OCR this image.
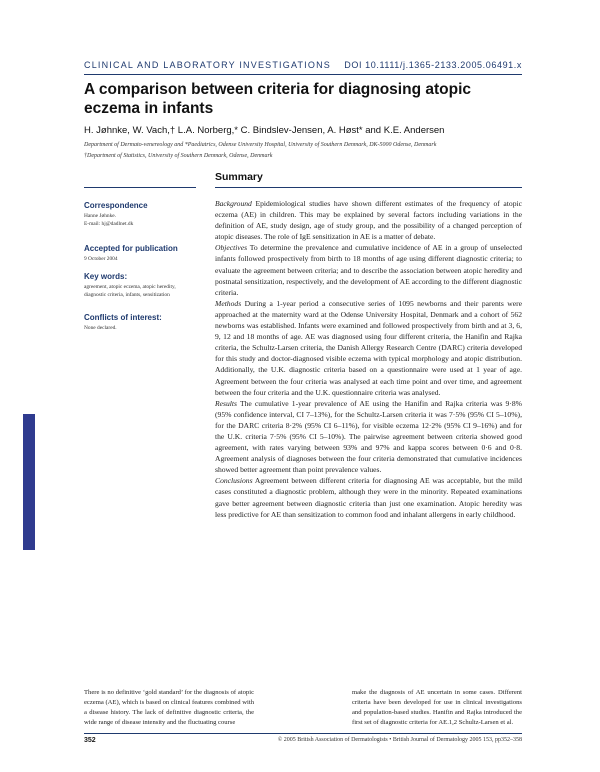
CLINICAL AND LABORATORY INVESTIGATIONS DOI 10.1111/j.1365-2133.2005.06491.x
A comparison between criteria for diagnosing atopic eczema in infants
H. Jøhnke, W. Vach,† L.A. Norberg,* C. Bindslev-Jensen, A. Høst* and K.E. Andersen
Department of Dermato-venereology and *Paediatrics, Odense University Hospital, University of Southern Denmark, DK-5000 Odense, Denmark
†Department of Statistics, University of Southern Denmark, Odense, Denmark
Summary
Correspondence
Hanne Jøhnke.
E-mail: hj@dadlnet.dk
Accepted for publication
9 October 2004
Key words:
agreement, atopic eczema, atopic heredity, diagnostic criteria, infants, sensitization
Conflicts of interest:
None declared.

Background Epidemiological studies have shown different estimates of the frequency of atopic eczema (AE) in children. This may be explained by several factors including variations in the definition of AE, study design, age of study group, and the possibility of a changed perception of atopic diseases. The role of IgE sensitization in AE is a matter of debate.

Objectives To determine the prevalence and cumulative incidence of AE in a group of unselected infants followed prospectively from birth to 18 months of age using different diagnostic criteria; to evaluate the agreement between criteria; and to describe the association between atopic heredity and postnatal sensitization, respectively, and the development of AE according to the different diagnostic criteria.

Methods During a 1-year period a consecutive series of 1095 newborns and their parents were approached at the maternity ward at the Odense University Hospital, Denmark and a cohort of 562 newborns was established. Infants were examined and followed prospectively from birth and at 3, 6, 9, 12 and 18 months of age. AE was diagnosed using four different criteria, the Hanifin and Rajka criteria, the Schultz-Larsen criteria, the Danish Allergy Research Centre (DARC) criteria developed for this study and doctor-diagnosed visible eczema with typical morphology and atopic distribution. Additionally, the U.K. diagnostic criteria based on a questionnaire were used at 1 year of age. Agreement between the four criteria was analysed at each time point and over time, and agreement between the four criteria and the U.K. questionnaire criteria was analysed.

Results The cumulative 1-year prevalence of AE using the Hanifin and Rajka criteria was 9·8% (95% confidence interval, CI 7–13%), for the Schultz-Larsen criteria it was 7·5% (95% CI 5–10%), for the DARC criteria 8·2% (95% CI 6–11%), for visible eczema 12·2% (95% CI 9–16%) and for the U.K. criteria 7·5% (95% CI 5–10%). The pairwise agreement between criteria showed good agreement, with rates varying between 93% and 97% and kappa scores between 0·6 and 0·8. Agreement analysis of diagnoses between the four criteria demonstrated that cumulative incidences showed better agreement than point prevalence values.

Conclusions Agreement between different criteria for diagnosing AE was acceptable, but the mild cases constituted a diagnostic problem, although they were in the minority. Repeated examinations gave better agreement between diagnostic criteria than just one examination. Atopic heredity was less predictive for AE than sensitization to common food and inhalant allergens in early childhood.

There is no definitive ‘gold standard’ for the diagnosis of atopic eczema (AE), which is based on clinical features combined with a disease history. The lack of definitive diagnostic criteria, the wide range of disease intensity and the fluctuating course
make the diagnosis of AE uncertain in some cases. Different criteria have been developed for use in clinical investigations and population-based studies. Hanifin and Rajka introduced the first set of diagnostic criteria for AE.1,2 Schultz-Larsen et al.
352	© 2005 British Association of Dermatologists • British Journal of Dermatology 2005 153, pp352–358
